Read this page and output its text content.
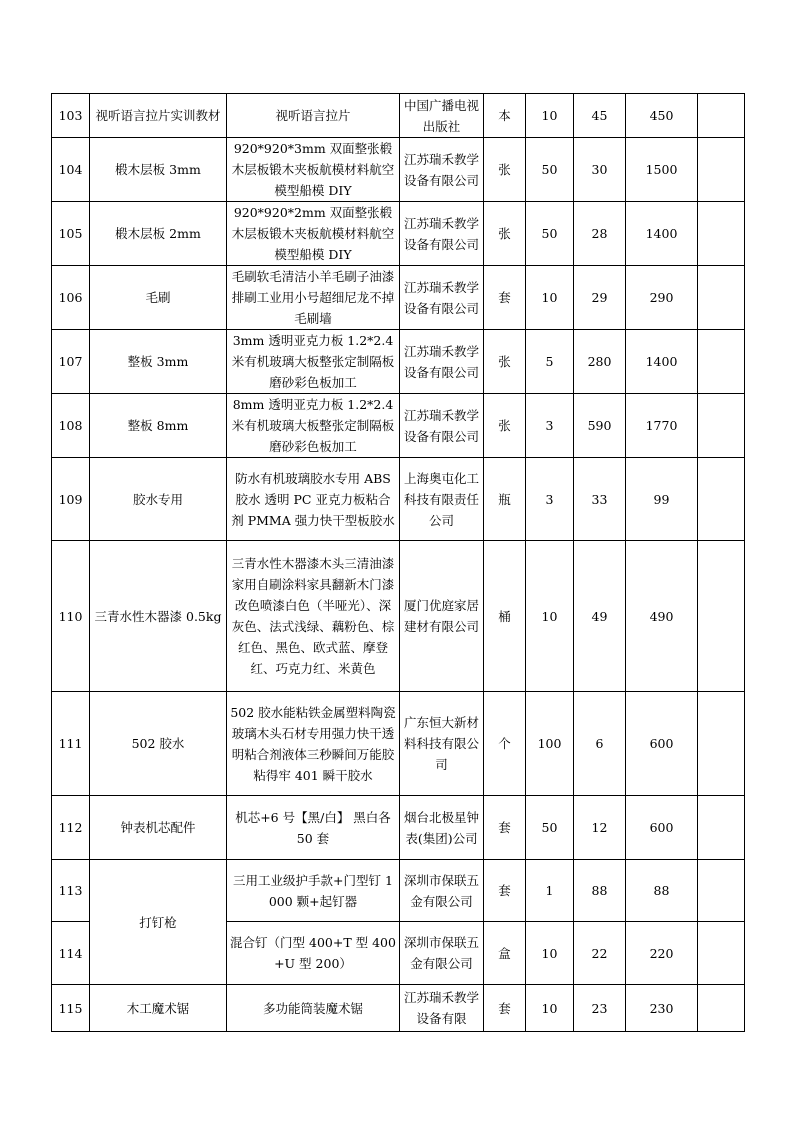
103	视听语言拉片实训教材	视听语言拉片	中国广播电视出版社	本	10	45	450	
104	椴木层板 3mm	920*920*3mm 双面整张椴木层板锻木夹板航模材料航空模型船模 DIY	江苏瑞禾教学设备有限公司	张	50	30	1500	
105	椴木层板 2mm	920*920*2mm 双面整张椴木层板锻木夹板航模材料航空模型船模 DIY	江苏瑞禾教学设备有限公司	张	50	28	1400	
106	毛刷	毛刷软毛清洁小羊毛刷子油漆排刷工业用小号超细尼龙不掉毛刷墙	江苏瑞禾教学设备有限公司	套	10	29	290	
107	整板 3mm	3mm 透明亚克力板 1.2*2.4米有机玻璃大板整张定制隔板磨砂彩色板加工	江苏瑞禾教学设备有限公司	张	5	280	1400	
108	整板 8mm	8mm 透明亚克力板 1.2*2.4米有机玻璃大板整张定制隔板磨砂彩色板加工	江苏瑞禾教学设备有限公司	张	3	590	1770	
109	胶水专用	防水有机玻璃胶水专用 ABS 胶水 透明 PC 亚克力板粘合剂 PMMA 强力快干型板胶水	上海奥屯化工科技有限责任公司	瓶	3	33	99	
110	三青水性木器漆 0.5kg	三青水性木器漆木头三清油漆家用自刷涂料家具翻新木门漆改色喷漆白色（半哑光）、深灰色、法式浅绿、藕粉色、棕红色、黑色、欧式蓝、摩登红、巧克力红、米黄色	厦门优庭家居建材有限公司	桶	10	49	490	
111	502 胶水	502 胶水能粘铁金属塑料陶瓷玻璃木头石材专用强力快干透明粘合剂液体三秒瞬间万能胶粘得牢 401 瞬干胶水	广东恒大新材料科技有限公司	个	100	6	600	
112	钟表机芯配件	机芯+6 号【黑/白】 黑白各 50 套	烟台北极星钟表(集团)公司	套	50	12	600	
113	打钉枪	三用工业级护手款+门型钉 1000 颗+起钉器	深圳市保联五金有限公司	套	1	88	88	
114		混合钉（门型 400+T 型 400+U 型 200）	深圳市保联五金有限公司	盒	10	22	220	
115	木工魔术锯	多功能筒装魔术锯	江苏瑞禾教学设备有限	套	10	23	230	
